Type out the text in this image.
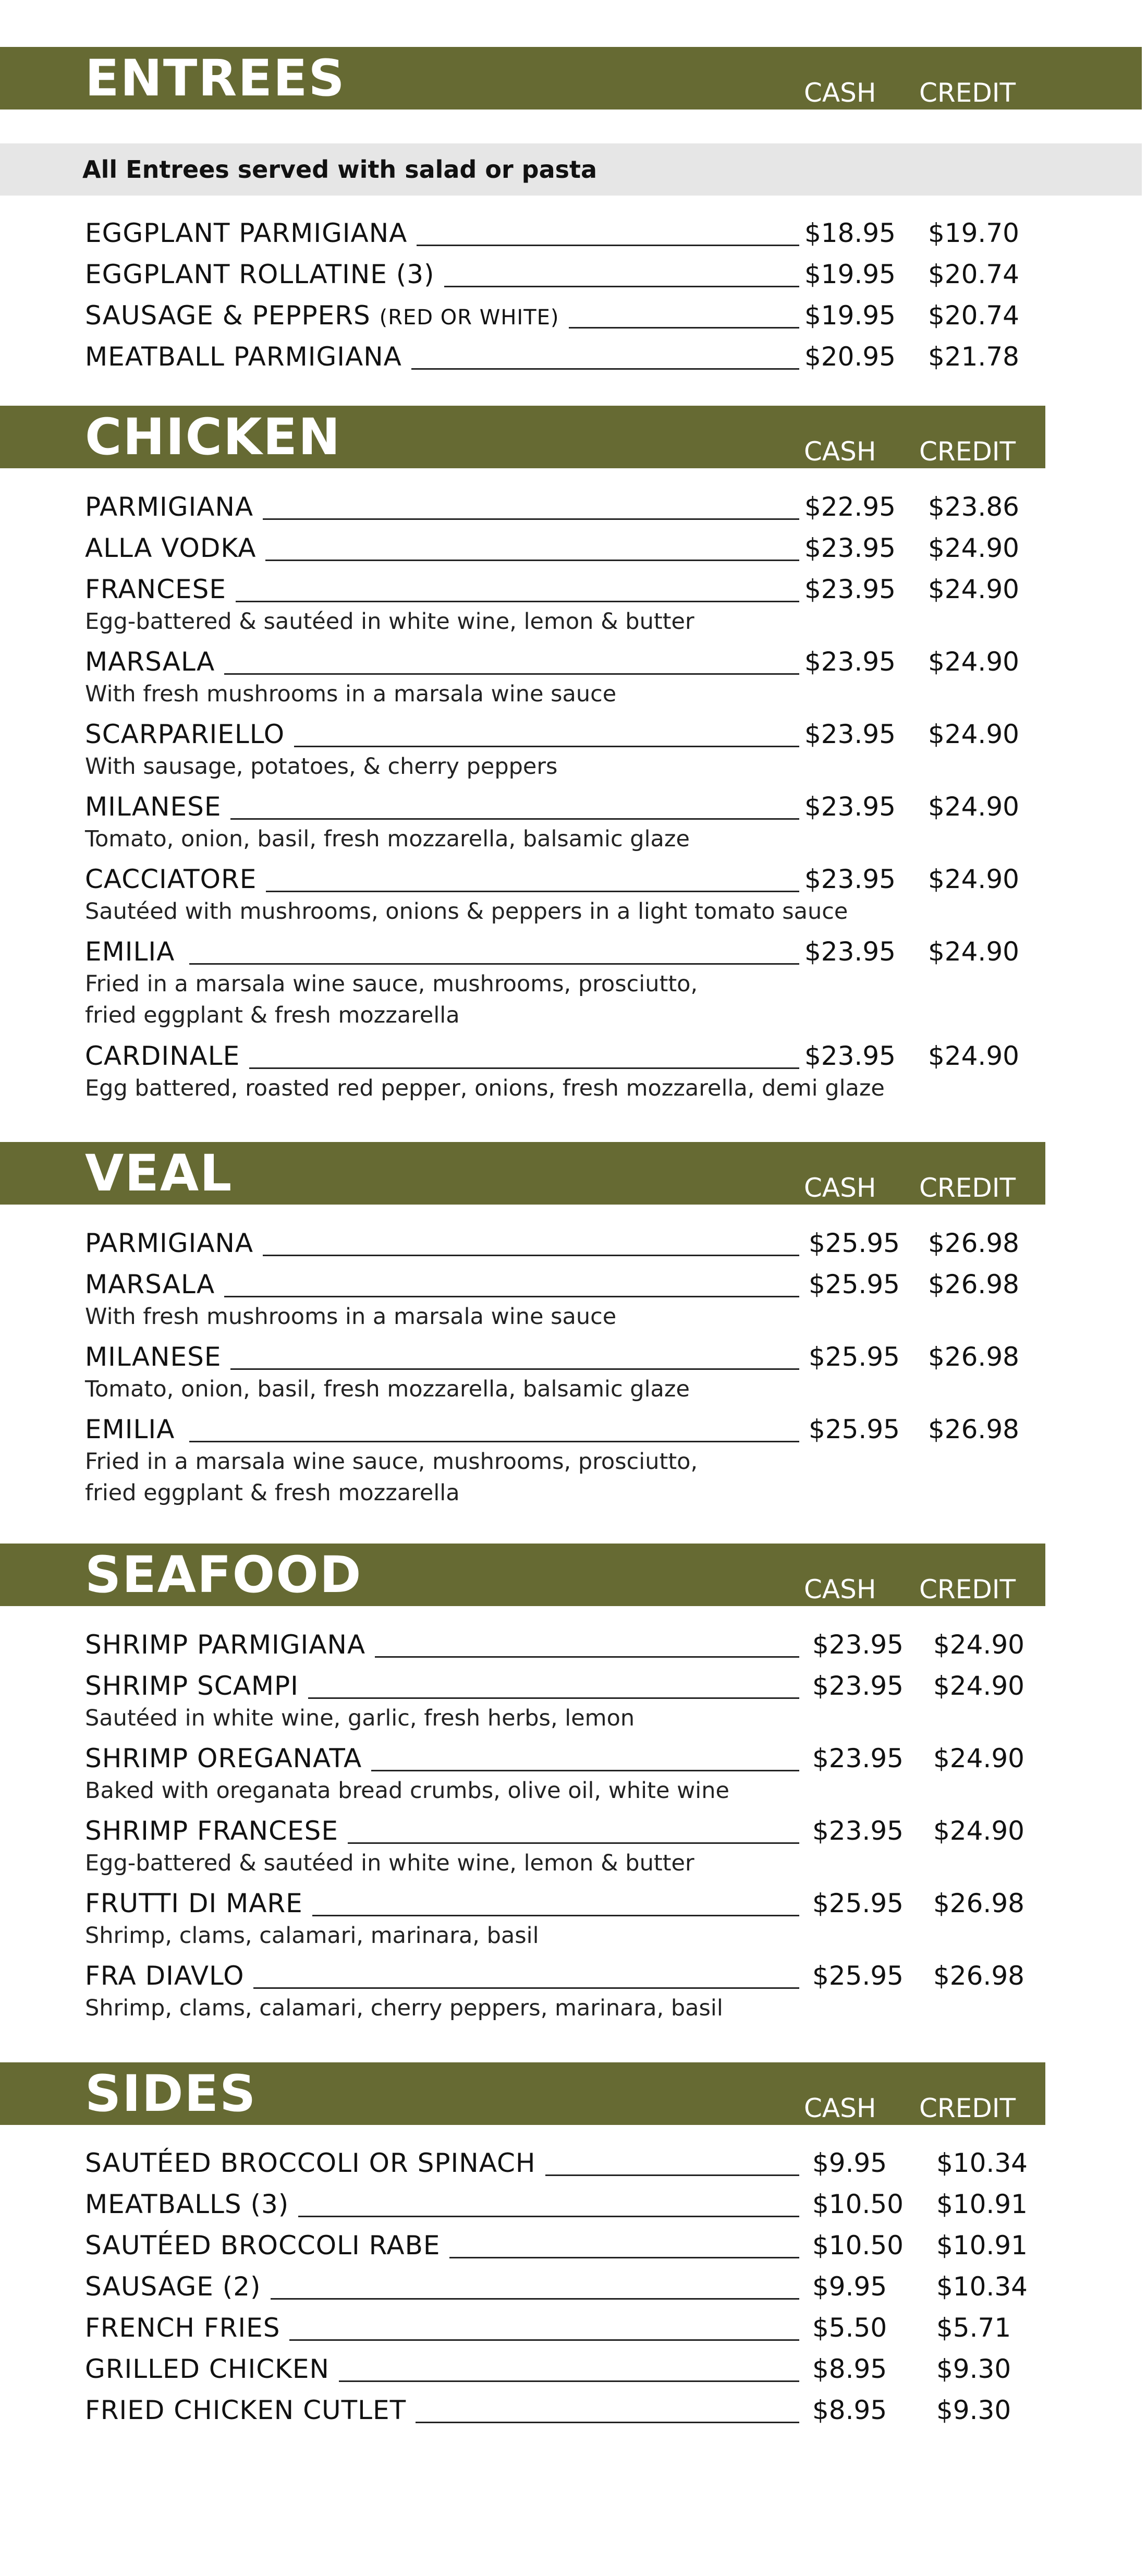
ENTREES	CASH CREDIT
All Entrees served with salad or pasta
EGGPLANT PARMIGIANA	$18.95 $19.70
EGGPLANT ROLLATINE (3)	$19.95 $20.74
SAUSAGE & PEPPERS (RED OR WHITE)	$19.95 $20.74
MEATBALL PARMIGIANA	$20.95 $21.78
CHICKEN	CASH CREDIT
PARMIGIANA	$22.95 $23.86
ALLA VODKA	$23.95 $24.90
FRANCESE	$23.95 $24.90
Egg-battered & sautéed in white wine, lemon & butter
MARSALA	$23.95 $24.90
With fresh mushrooms in a marsala wine sauce
SCARPARIELLO	$23.95 $24.90
With sausage, potatoes, & cherry peppers
MILANESE	$23.95 $24.90
Tomato, onion, basil, fresh mozzarella, balsamic glaze
CACCIATORE	$23.95 $24.90
Sautéed with mushrooms, onions & peppers in a light tomato sauce
EMILIA	$23.95 $24.90
Fried in a marsala wine sauce, mushrooms, prosciutto,
fried eggplant & fresh mozzarella
CARDINALE	$23.95 $24.90
Egg battered, roasted red pepper, onions, fresh mozzarella, demi glaze
VEAL	CASH CREDIT
PARMIGIANA	$25.95 $26.98
MARSALA	$25.95 $26.98
With fresh mushrooms in a marsala wine sauce
MILANESE	$25.95 $26.98
Tomato, onion, basil, fresh mozzarella, balsamic glaze
EMILIA	$25.95 $26.98
Fried in a marsala wine sauce, mushrooms, prosciutto,
fried eggplant & fresh mozzarella
SEAFOOD	CASH CREDIT
SHRIMP PARMIGIANA	$23.95 $24.90
SHRIMP SCAMPI	$23.95 $24.90
Sautéed in white wine, garlic, fresh herbs, lemon
SHRIMP OREGANATA	$23.95 $24.90
Baked with oreganata bread crumbs, olive oil, white wine
SHRIMP FRANCESE	$23.95 $24.90
Egg-battered & sautéed in white wine, lemon & butter
FRUTTI DI MARE	$25.95 $26.98
Shrimp, clams, calamari, marinara, basil
FRA DIAVLO	$25.95 $26.98
Shrimp, clams, calamari, cherry peppers, marinara, basil
SIDES	CASH CREDIT
SAUTÉED BROCCOLI OR SPINACH	$9.95 $10.34
MEATBALLS (3)	$10.50 $10.91
SAUTÉED BROCCOLI RABE	$10.50 $10.91
SAUSAGE (2)	$9.95 $10.34
FRENCH FRIES	$5.50 $5.71
GRILLED CHICKEN	$8.95 $9.30
FRIED CHICKEN CUTLET	$8.95 $9.30
